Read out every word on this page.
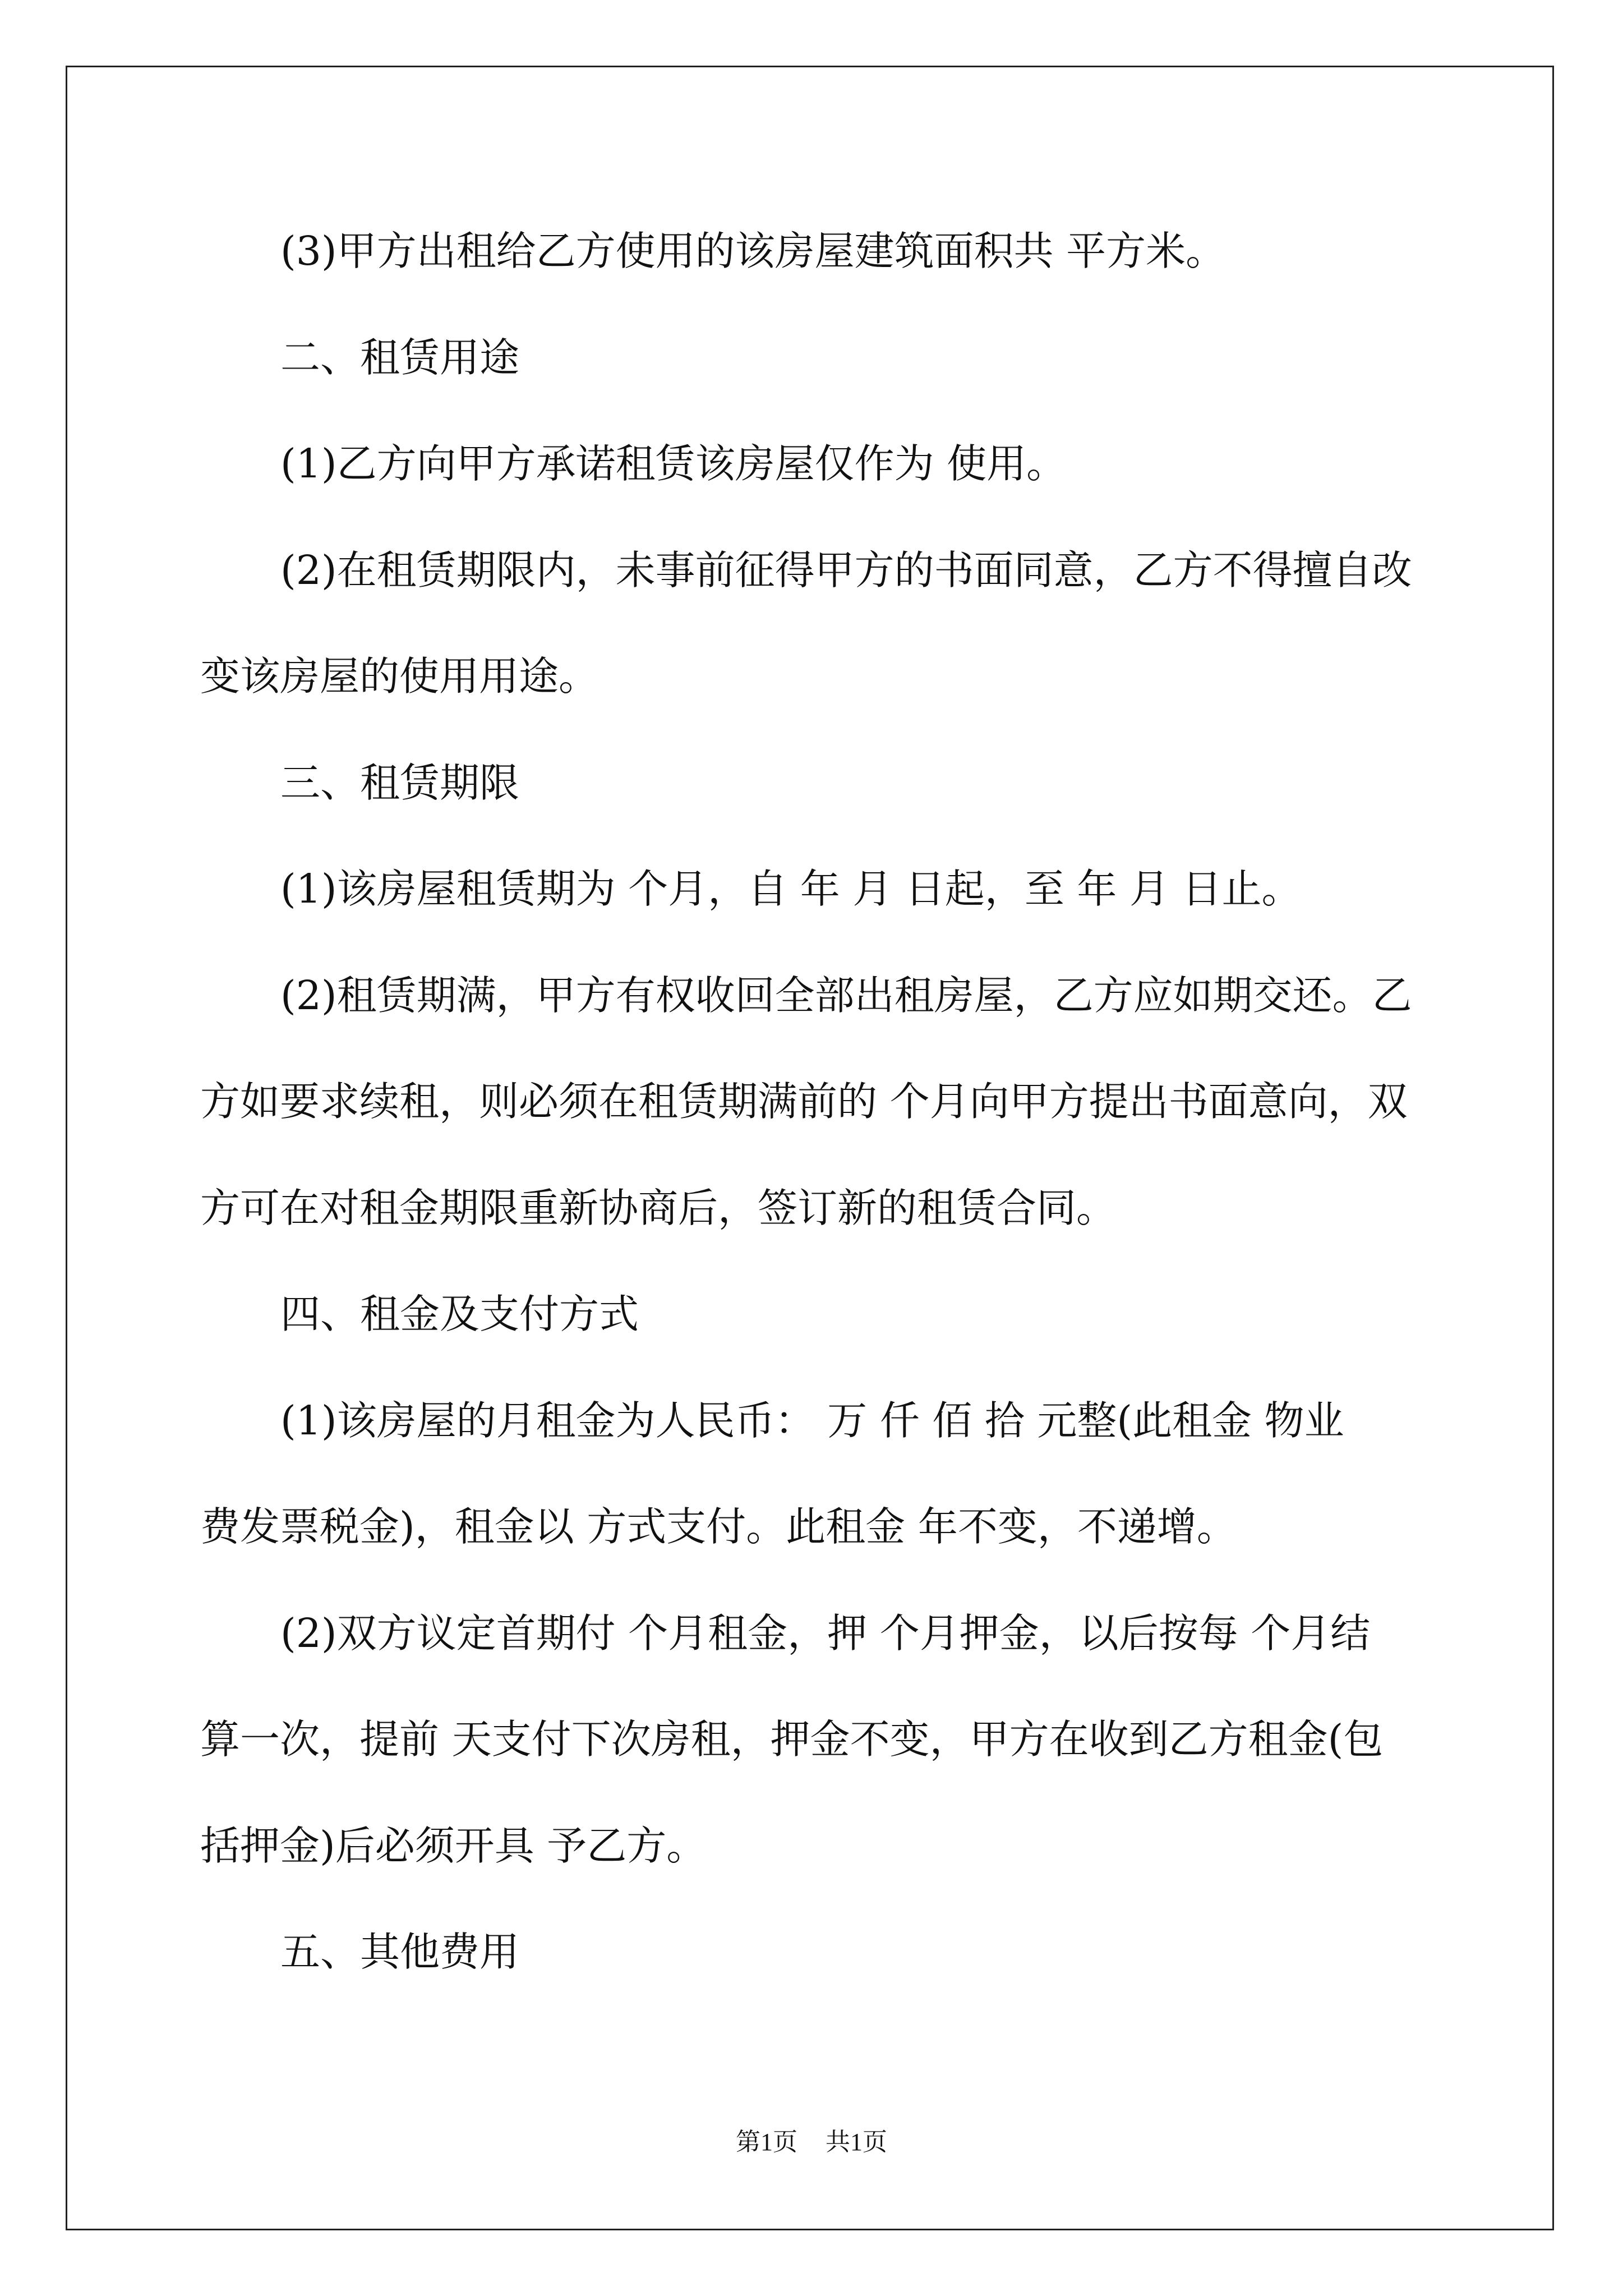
(3)甲方出租给乙方使用的该房屋建筑面积共 平方米。
二、租赁用途
(1)乙方向甲方承诺租赁该房屋仅作为 使用。
(2)在租赁期限内，未事前征得甲方的书面同意，乙方不得擅自改
变该房屋的使用用途。
三、租赁期限
(1)该房屋租赁期为 个月，自 年 月 日起，至 年 月 日止。
(2)租赁期满，甲方有权收回全部出租房屋，乙方应如期交还。乙
方如要求续租，则必须在租赁期满前的 个月向甲方提出书面意向，双
方可在对租金期限重新协商后，签订新的租赁合同。
四、租金及支付方式
(1)该房屋的月租金为人民币： 万 仟 佰 拾 元整(此租金 物业
费发票税金)，租金以 方式支付。此租金 年不变，不递增。
(2)双方议定首期付 个月租金，押 个月押金，以后按每 个月结
算一次，提前 天支付下次房租，押金不变，甲方在收到乙方租金(包
括押金)后必须开具 予乙方。
五、其他费用
第1页 共1页
